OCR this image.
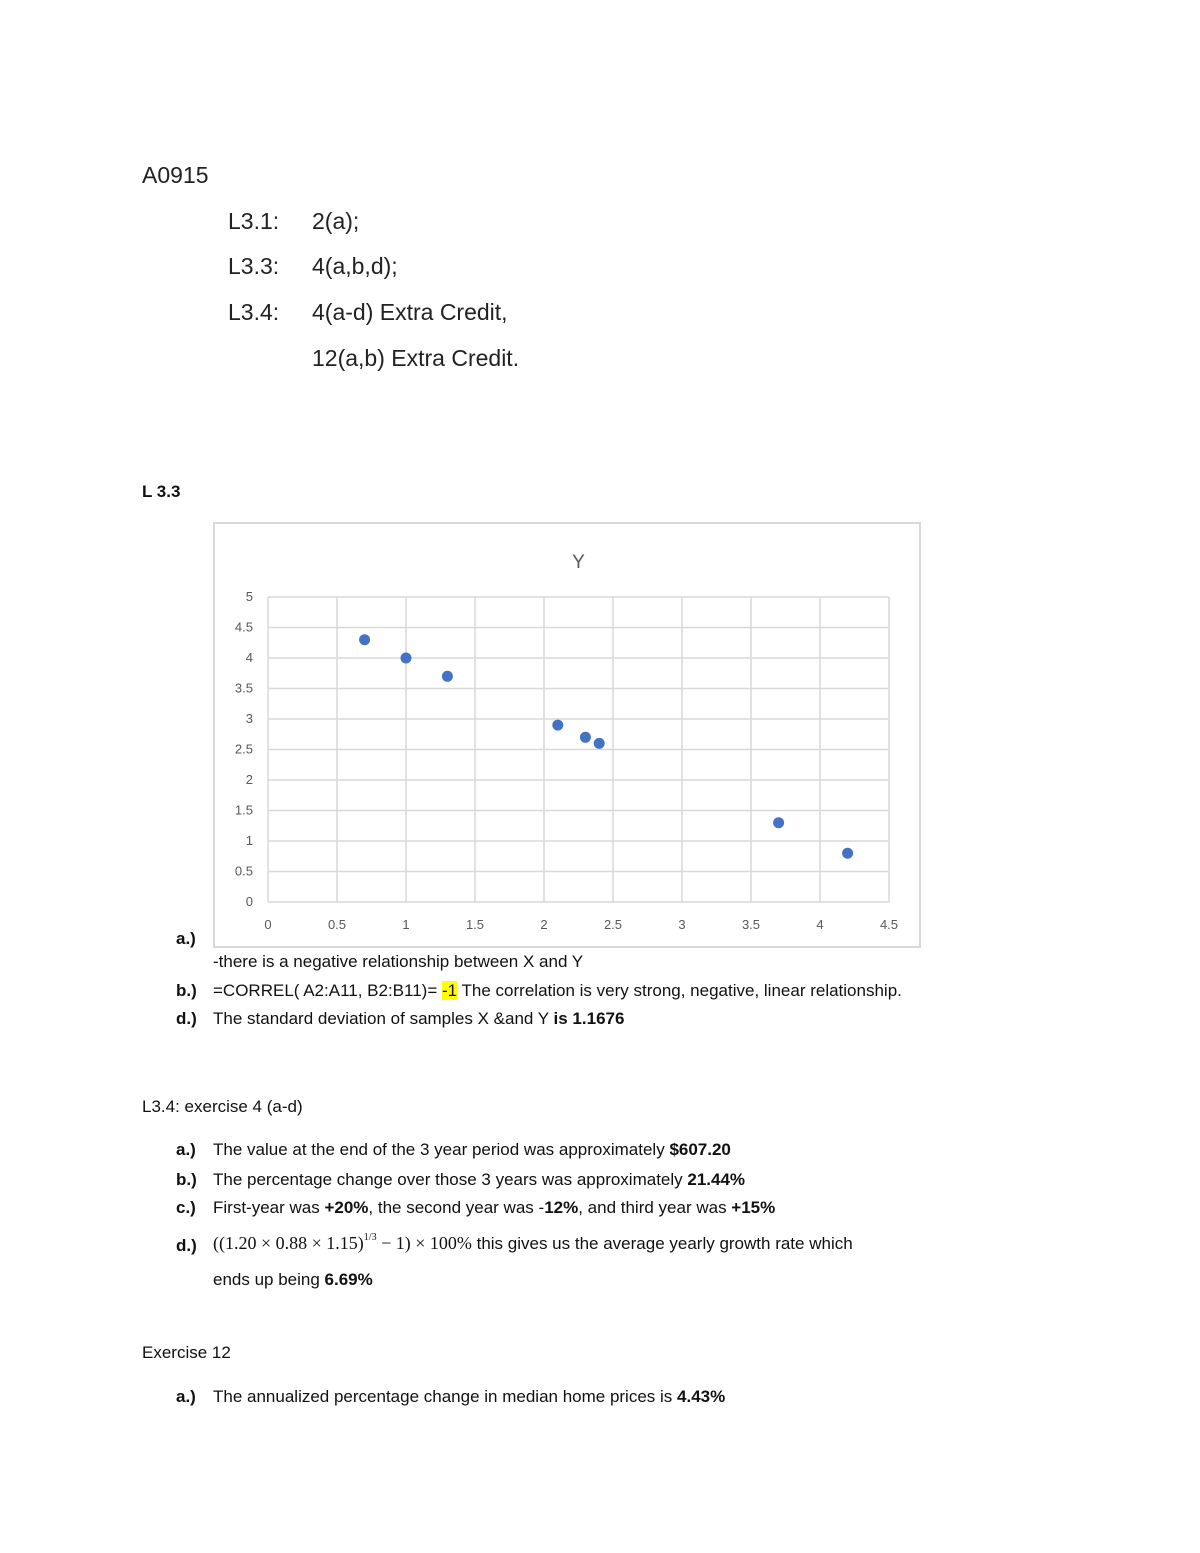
A0915
L3.1: 2(a);
L3.3: 4(a,b,d);
L3.4: 4(a-d) Extra Credit,
12(a,b) Extra Credit.
L 3.3
Y
0
0.5
1
1.5
2
2.5
3
3.5
4
4.5
5
0	0.5	1	1.5	2	2.5	3	3.5	4	4.5
a.)
-there is a negative relationship between X and Y
b.) =CORREL( A2:A11, B2:B11)= -1 The correlation is very strong, negative, linear relationship.
d.) The standard deviation of samples X &and Y is 1.1676
L3.4: exercise 4 (a-d)
a.) The value at the end of the 3 year period was approximately $607.20
b.) The percentage change over those 3 years was approximately 21.44%
c.) First-year was +20%, the second year was -12%, and third year was +15%
d.) $((1.20 \times 0.88 \times 1.15)^{1/3} - 1) \times 100\%$ this gives us the average yearly growth rate which
ends up being 6.69%
Exercise 12
a.) The annualized percentage change in median home prices is 4.43%
